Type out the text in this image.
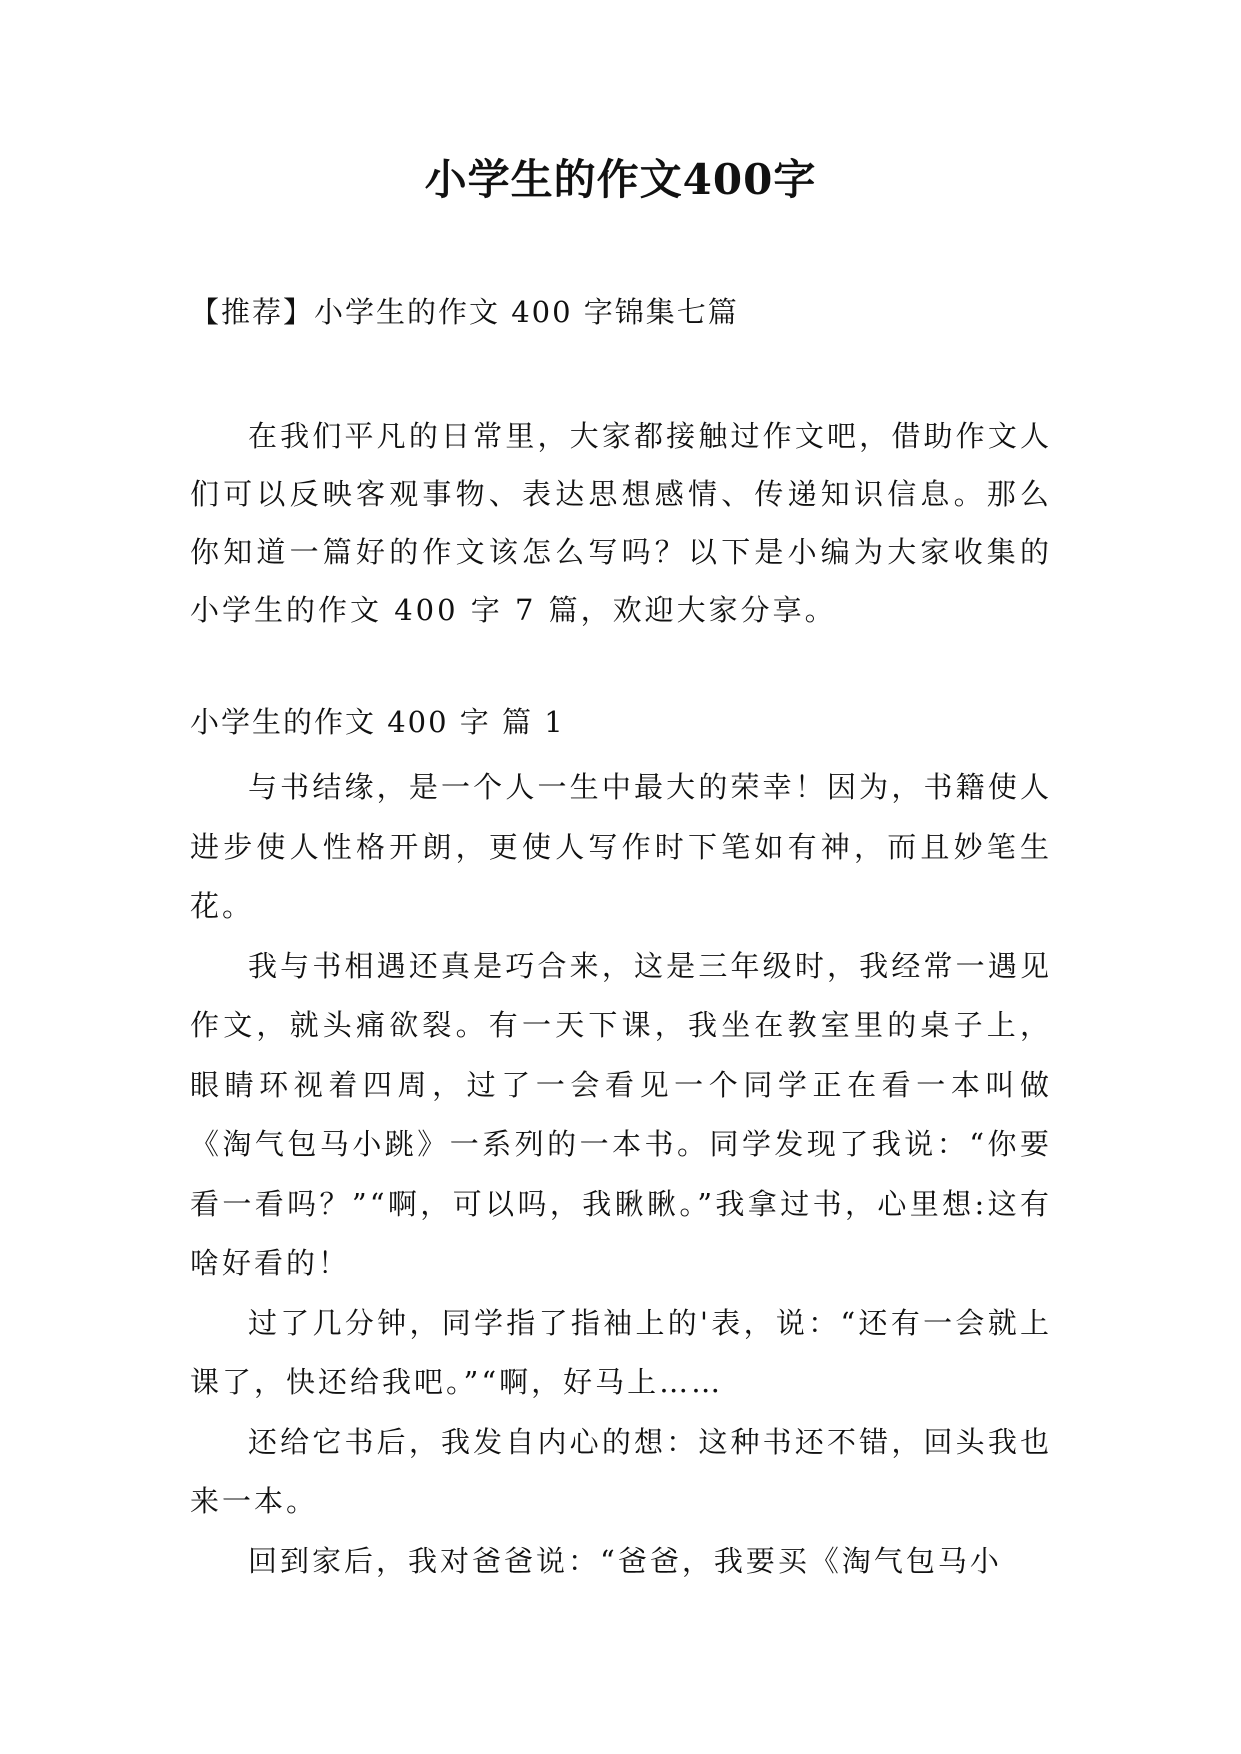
小学生的作文400字
【推荐】小学生的作文 400 字锦集七篇

在我们平凡的日常里，大家都接触过作文吧，借助作文人们可以反映客观事物、表达思想感情、传递知识信息。那么你知道一篇好的作文该怎么写吗？以下是小编为大家收集的小学生的作文 400 字 7 篇，欢迎大家分享。

小学生的作文 400 字 篇 1

与书结缘，是一个人一生中最大的荣幸！因为，书籍使人进步使人性格开朗，更使人写作时下笔如有神，而且妙笔生花。

我与书相遇还真是巧合来，这是三年级时，我经常一遇见作文，就头痛欲裂。有一天下课，我坐在教室里的桌子上，眼睛环视着四周，过了一会看见一个同学正在看一本叫做《淘气包马小跳》一系列的一本书。同学发现了我说：“你要看一看吗？”“啊，可以吗，我瞅瞅。”我拿过书，心里想:这有啥好看的！

过了几分钟，同学指了指袖上的'表，说：“还有一会就上课了，快还给我吧。”“啊，好马上……

还给它书后，我发自内心的想：这种书还不错，回头我也来一本。

回到家后，我对爸爸说：“爸爸，我要买《淘气包马小
